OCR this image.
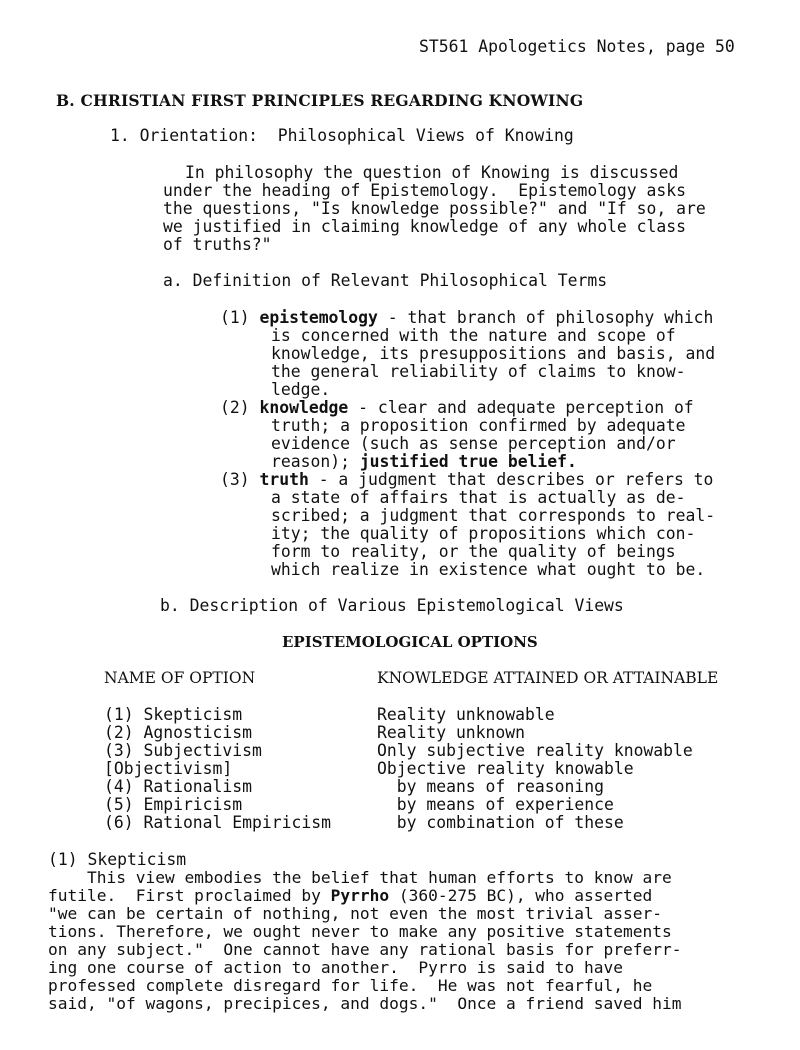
ST561 Apologetics Notes, page 50
B. CHRISTIAN FIRST PRINCIPLES REGARDING KNOWING
1. Orientation:  Philosophical Views of Knowing
In philosophy the question of Knowing is discussed
under the heading of Epistemology.  Epistemology asks
the questions, "Is knowledge possible?" and "If so, are
we justified in claiming knowledge of any whole class
of truths?"
a. Definition of Relevant Philosophical Terms
(1) epistemology - that branch of philosophy which
is concerned with the nature and scope of
knowledge, its presuppositions and basis, and
the general reliability of claims to know-
ledge.
(2) knowledge - clear and adequate perception of
truth; a proposition confirmed by adequate
evidence (such as sense perception and/or
reason); justified true belief.
(3) truth - a judgment that describes or refers to
a state of affairs that is actually as de-
scribed; a judgment that corresponds to real-
ity; the quality of propositions which con-
form to reality, or the quality of beings
which realize in existence what ought to be.
b. Description of Various Epistemological Views
EPISTEMOLOGICAL OPTIONS
NAME OF OPTION	KNOWLEDGE ATTAINED OR ATTAINABLE
(1) Skepticism	Reality unknowable
(2) Agnosticism	Reality unknown
(3) Subjectivism	Only subjective reality knowable
[Objectivism]	Objective reality knowable
(4) Rationalism	by means of reasoning
(5) Empiricism	by means of experience
(6) Rational Empiricism	by combination of these
(1) Skepticism
This view embodies the belief that human efforts to know are
futile.  First proclaimed by Pyrrho (360-275 BC), who asserted
"we can be certain of nothing, not even the most trivial asser-
tions. Therefore, we ought never to make any positive statements
on any subject."  One cannot have any rational basis for preferr-
ing one course of action to another.  Pyrro is said to have
professed complete disregard for life.  He was not fearful, he
said, "of wagons, precipices, and dogs."  Once a friend saved him
